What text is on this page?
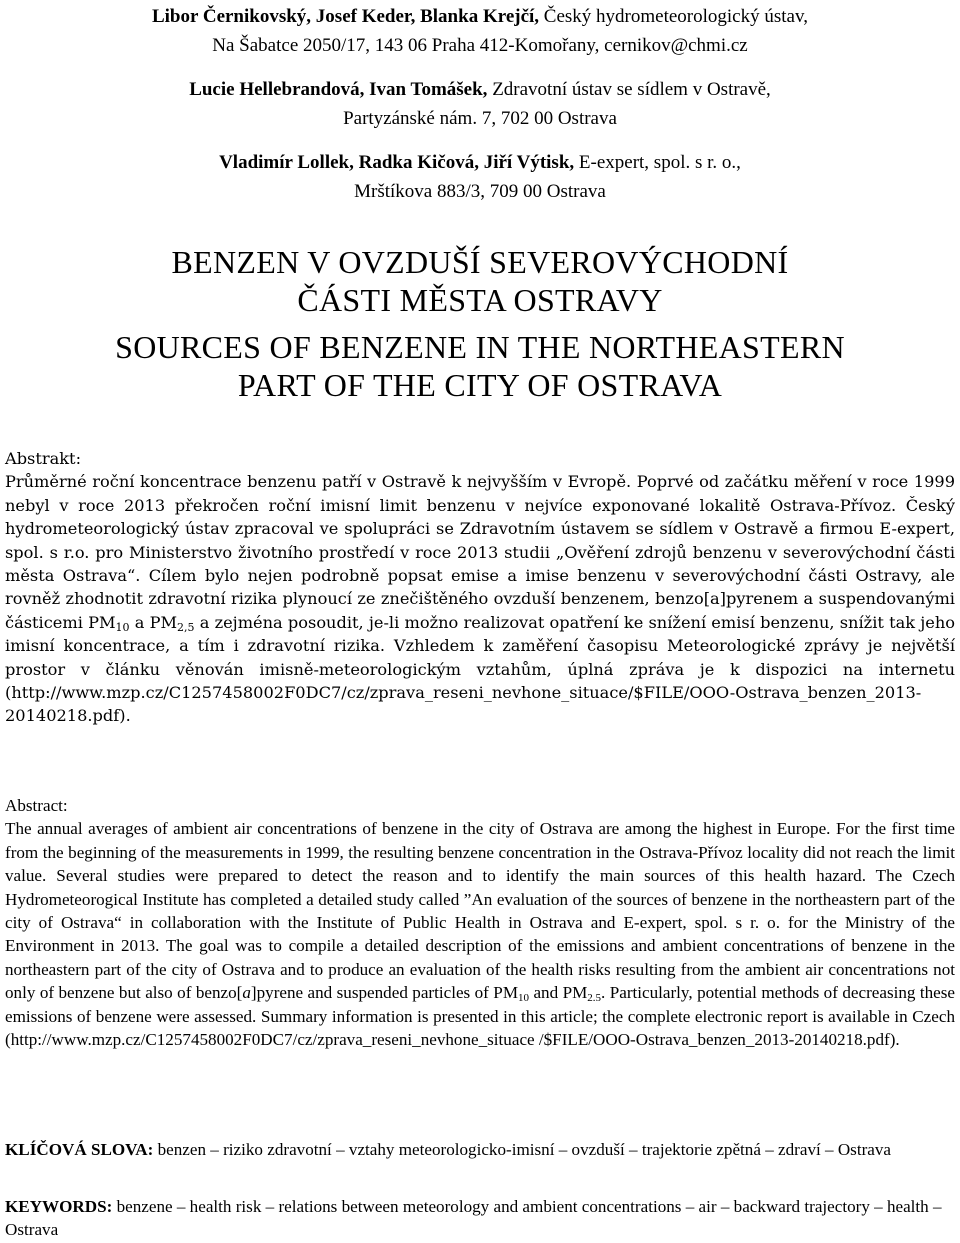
Libor Černikovský, Josef Keder, Blanka Krejčí, Český hydrometeorologický ústav,

Na Šabatce 2050/17, 143 06 Praha 412-Komořany, cernikov@chmi.cz

Lucie Hellebrandová, Ivan Tomášek, Zdravotní ústav se sídlem v Ostravě,

Partyzánské nám. 7, 702 00 Ostrava

Vladimír Lollek, Radka Kičová, Jiří Výtisk, E-expert, spol. s r. o.,

Mrštíkova 883/3, 709 00 Ostrava

BENZEN V OVZDUŠÍ SEVEROVÝCHODNÍ

ČÁSTI MĚSTA OSTRAVY

SOURCES OF BENZENE IN THE NORTHEASTERN

PART OF THE CITY OF OSTRAVA

Abstrakt:

Průměrné roční koncentrace benzenu patří v Ostravě k nejvyšším v Evropě. Poprvé od začátku měření v roce 1999 nebyl v roce 2013 překročen roční imisní limit benzenu v nejvíce exponované lokalitě Ostrava-Přívoz. Český hydrometeorologický ústav zpracoval ve spolupráci se Zdravotním ústavem se sídlem v Ostravě a firmou E-expert, spol. s r.o. pro Ministerstvo životního prostředí v roce 2013 studii „Ověření zdrojů benzenu v severovýchodní části města Ostrava“. Cílem bylo nejen podrobně popsat emise a imise benzenu v severovýchodní části Ostravy, ale rovněž zhodnotit zdravotní rizika plynoucí ze znečištěného ovzduší benzenem, benzo[a]pyrenem a suspendovanými částicemi $PM_{10}$ a $PM_{2,5}$ a zejména posoudit, je-li možno realizovat opatření ke snížení emisí benzenu, snížit tak jeho imisní koncentrace, a tím i zdravotní rizika. Vzhledem k zaměření časopisu Meteorologické zprávy je největší prostor v článku věnován imisně-meteorologickým vztahům, úplná zpráva je k dispozici na internetu (http://www.mzp.cz/C1257458002F0DC7/cz/zprava_reseni_nevhone_situace/$FILE/OOO-Ostrava_benzen_2013-20140218.pdf).

Abstract:

The annual averages of ambient air concentrations of benzene in the city of Ostrava are among the highest in Europe. For the first time from the beginning of the measurements in 1999, the resulting benzene concentration in the Ostrava-Přívoz locality did not reach the limit value. Several studies were prepared to detect the reason and to identify the main sources of this health hazard. The Czech Hydrometeorogical Institute has completed a detailed study called ”An evaluation of the sources of benzene in the northeastern part of the city of Ostrava“ in collaboration with the Institute of Public Health in Ostrava and E-expert, spol. s r. o. for the Ministry of the Environment in 2013. The goal was to compile a detailed description of the emissions and ambient concentrations of benzene in the northeastern part of the city of Ostrava and to produce an evaluation of the health risks resulting from the ambient air concentrations not only of benzene but also of benzo[a]pyrene and suspended particles of $PM_{10}$ and $PM_{2.5}$. Particularly, potential methods of decreasing these emissions of benzene were assessed. Summary information is presented in this article; the complete electronic report is available in Czech (http://www.mzp.cz/C1257458002F0DC7/cz/zprava_reseni_nevhone_situace /$FILE/OOO-Ostrava_benzen_2013-20140218.pdf).

KLÍČOVÁ SLOVA: benzen – riziko zdravotní – vztahy meteorologicko-imisní – ovzduší – trajektorie zpětná – zdraví – Ostrava
KEYWORDS: benzene – health risk – relations between meteorology and ambient concentrations – air – backward trajectory – health – Ostrava
